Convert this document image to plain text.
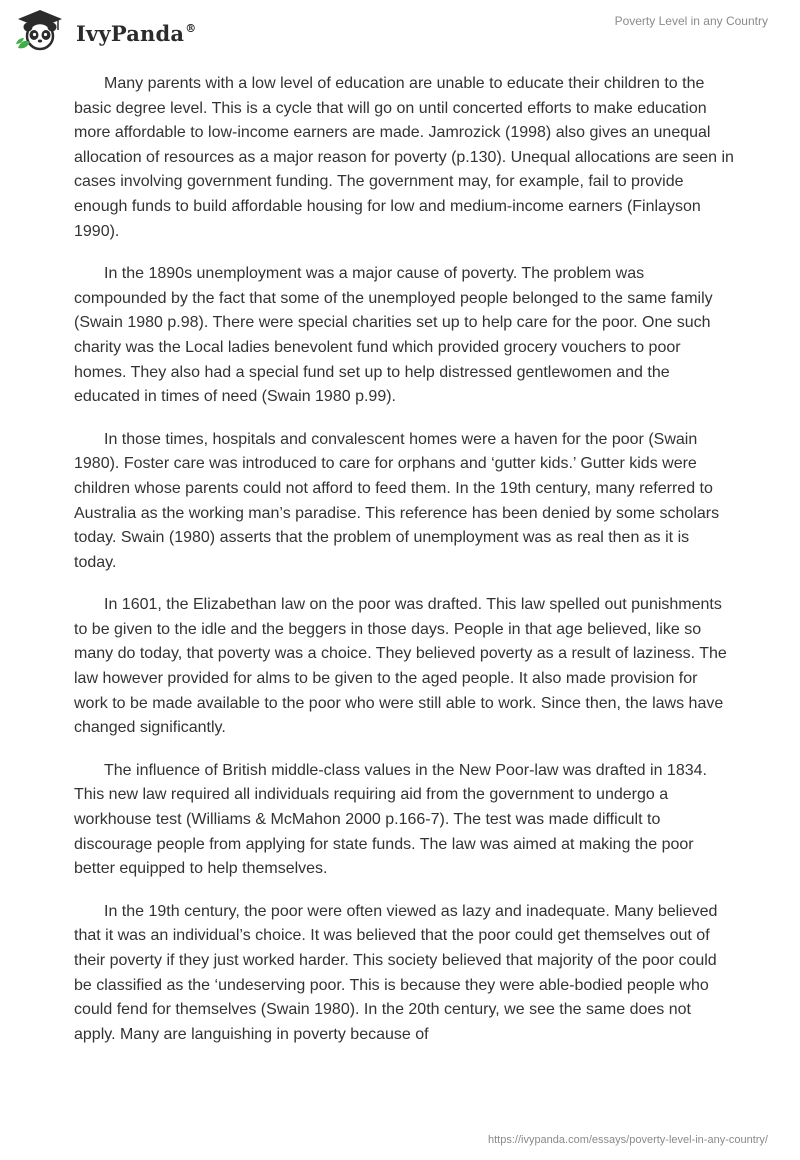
IvyPanda®	Poverty Level in any Country

Many parents with a low level of education are unable to educate their children to the basic degree level. This is a cycle that will go on until concerted efforts to make education more affordable to low-income earners are made. Jamrozick (1998) also gives an unequal allocation of resources as a major reason for poverty (p.130). Unequal allocations are seen in cases involving government funding. The government may, for example, fail to provide enough funds to build affordable housing for low and medium-income earners (Finlayson 1990).

In the 1890s unemployment was a major cause of poverty. The problem was compounded by the fact that some of the unemployed people belonged to the same family (Swain 1980 p.98). There were special charities set up to help care for the poor. One such charity was the Local ladies benevolent fund which provided grocery vouchers to poor homes. They also had a special fund set up to help distressed gentlewomen and the educated in times of need (Swain 1980 p.99).

In those times, hospitals and convalescent homes were a haven for the poor (Swain 1980). Foster care was introduced to care for orphans and ‘gutter kids.’ Gutter kids were children whose parents could not afford to feed them. In the 19th century, many referred to Australia as the working man’s paradise. This reference has been denied by some scholars today. Swain (1980) asserts that the problem of unemployment was as real then as it is today.

In 1601, the Elizabethan law on the poor was drafted. This law spelled out punishments to be given to the idle and the beggers in those days. People in that age believed, like so many do today, that poverty was a choice. They believed poverty as a result of laziness. The law however provided for alms to be given to the aged people. It also made provision for work to be made available to the poor who were still able to work. Since then, the laws have changed significantly.

The influence of British middle-class values in the New Poor-law was drafted in 1834. This new law required all individuals requiring aid from the government to undergo a workhouse test (Williams & McMahon 2000 p.166-7). The test was made difficult to discourage people from applying for state funds. The law was aimed at making the poor better equipped to help themselves.

In the 19th century, the poor were often viewed as lazy and inadequate. Many believed that it was an individual’s choice. It was believed that the poor could get themselves out of their poverty if they just worked harder. This society believed that majority of the poor could be classified as the ‘undeserving poor. This is because they were able-bodied people who could fend for themselves (Swain 1980). In the 20th century, we see the same does not apply. Many are languishing in poverty because of

https://ivypanda.com/essays/poverty-level-in-any-country/
